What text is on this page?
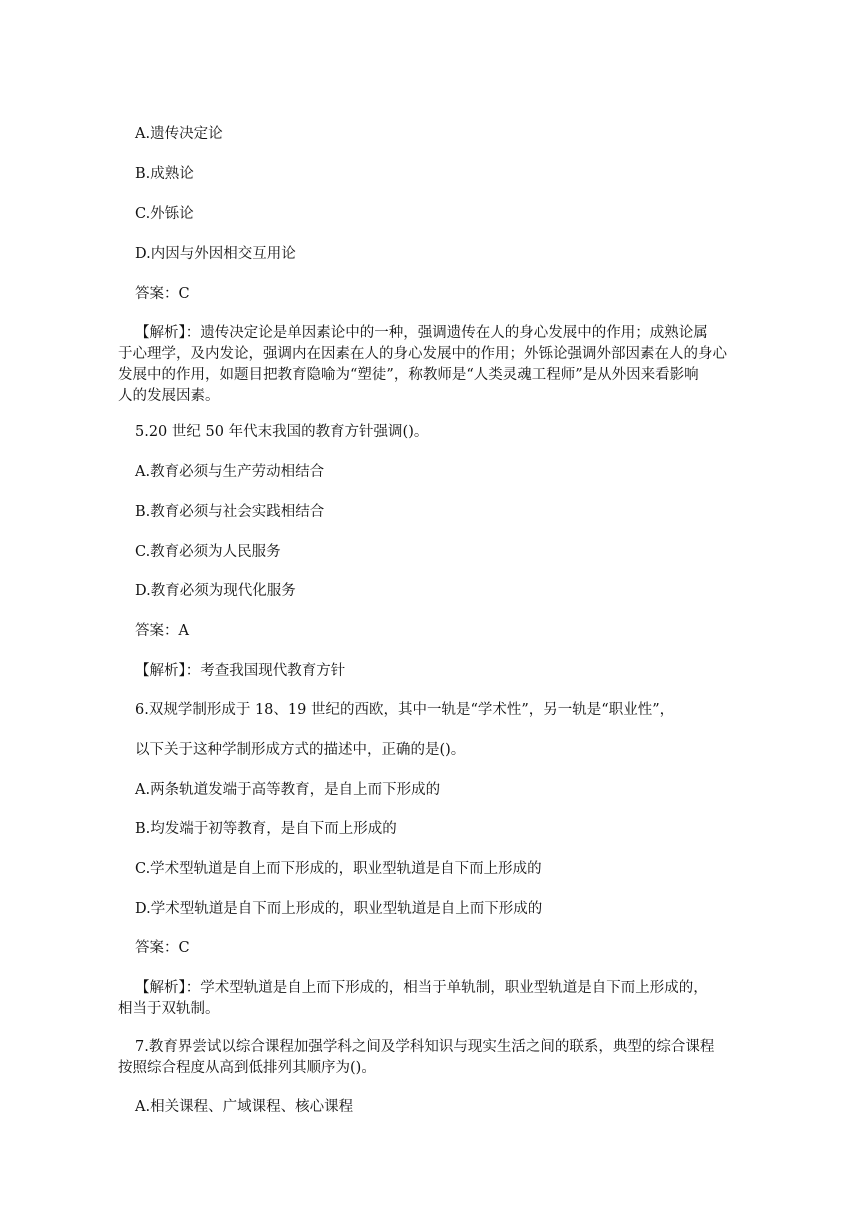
A.遗传决定论
B.成熟论
C.外铄论
D.内因与外因相交互用论
答案：C
【解析】：遗传决定论是单因素论中的一种，强调遗传在人的身心发展中的作用；成熟论属
于心理学，及内发论，强调内在因素在人的身心发展中的作用；外铄论强调外部因素在人的身心
发展中的作用，如题目把教育隐喻为“塑徒”，称教师是“人类灵魂工程师”是从外因来看影响
人的发展因素。
5.20 世纪 50 年代末我国的教育方针强调()。
A.教育必须与生产劳动相结合
B.教育必须与社会实践相结合
C.教育必须为人民服务
D.教育必须为现代化服务
答案：A
【解析】：考查我国现代教育方针
6.双规学制形成于 18、19 世纪的西欧，其中一轨是“学术性”，另一轨是“职业性”，
以下关于这种学制形成方式的描述中，正确的是()。
A.两条轨道发端于高等教育，是自上而下形成的
B.均发端于初等教育，是自下而上形成的
C.学术型轨道是自上而下形成的，职业型轨道是自下而上形成的
D.学术型轨道是自下而上形成的，职业型轨道是自上而下形成的
答案：C
【解析】：学术型轨道是自上而下形成的，相当于单轨制，职业型轨道是自下而上形成的，
相当于双轨制。
7.教育界尝试以综合课程加强学科之间及学科知识与现实生活之间的联系，典型的综合课程
按照综合程度从高到低排列其顺序为()。
A.相关课程、广域课程、核心课程
